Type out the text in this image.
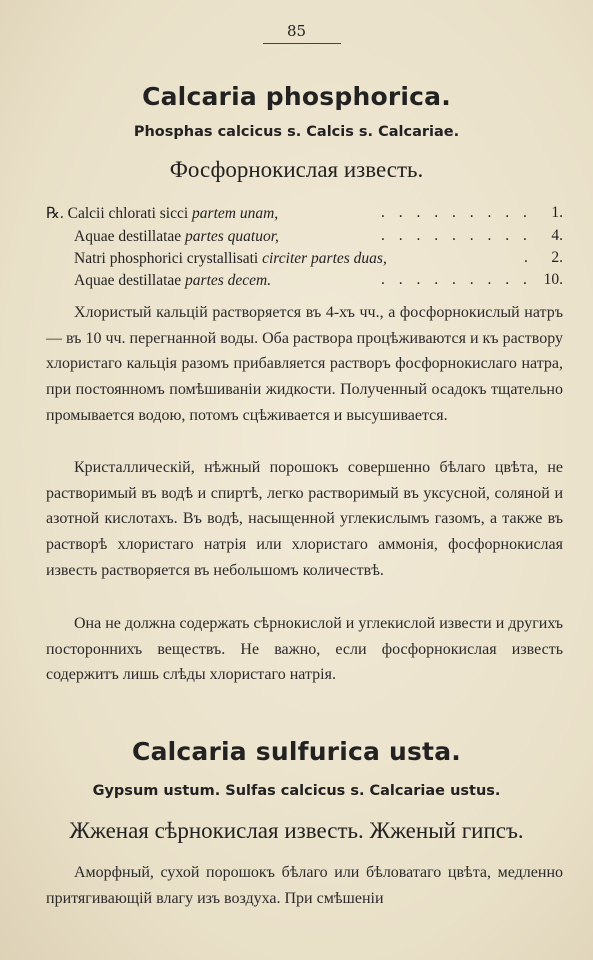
85
Calcaria phosphorica.
Phosphas calcicus s. Calcis s. Calcariae.
Фосфорнокислая известь.
℞. Calcii chlorati sicci partem unam,	. . . . . . . . . 1.
Aquae destillatae partes quatuor,	. . . . . . . . . 4.
Natri phosphorici crystallisati circiter partes duas,	. 2.
Aquae destillatae partes decem.	. . . . . . . . . 10.
Хлористый кальцій растворяется въ 4-хъ чч., а фосфорнокислый натръ — въ 10 чч. перегнанной воды. Оба раствора процѣживаются и къ раствору хлористаго кальція разомъ прибавляется растворъ фосфорнокислаго натра, при постоянномъ помѣшиваніи жидкости. Полученный осадокъ тщательно промывается водою, потомъ сцѣживается и высушивается.
Кристаллическій, нѣжный порошокъ совершенно бѣлаго цвѣта, не растворимый въ водѣ и спиртѣ, легко растворимый въ уксусной, соляной и азотной кислотахъ. Въ водѣ, насыщенной углекислымъ газомъ, а также въ растворѣ хлористаго натрія или хлористаго аммонія, фосфорнокислая известь растворяется въ небольшомъ количествѣ.
Она не должна содержать сѣрнокислой и углекислой извести и другихъ постороннихъ веществъ. Не важно, если фосфорнокислая известь содержитъ лишь слѣды хлористаго натрія.
Calcaria sulfurica usta.
Gypsum ustum. Sulfas calcicus s. Calcariae ustus.
Жженая сѣрнокислая известь. Жженый гипсъ.
Аморфный, сухой порошокъ бѣлаго или бѣловатаго цвѣта, медленно притягивающій влагу изъ воздуха. При смѣшеніи
